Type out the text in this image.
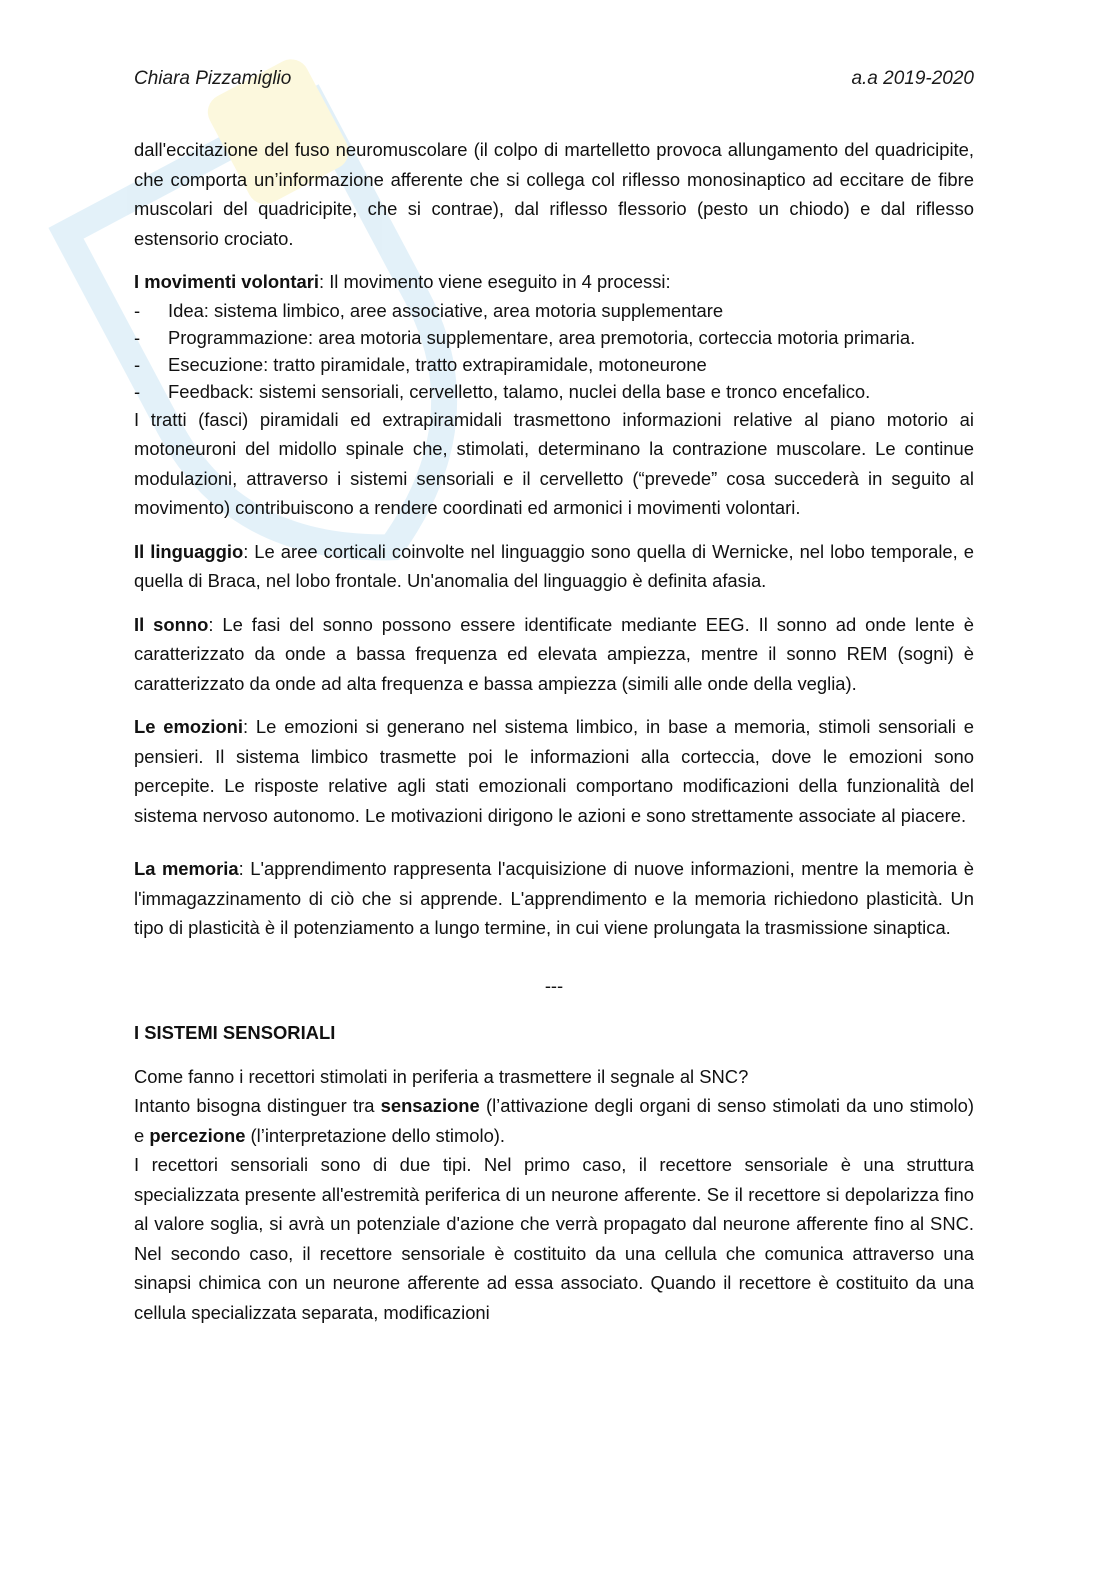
Chiara Pizzamiglio	a.a 2019-2020

dall'eccitazione del fuso neuromuscolare (il colpo di martelletto provoca allungamento del quadricipite, che comporta un’informazione afferente che si collega col riflesso monosinaptico ad eccitare de fibre muscolari del quadricipite, che si contrae), dal riflesso flessorio (pesto un chiodo) e dal riflesso estensorio crociato.

I movimenti volontari: Il movimento viene eseguito in 4 processi:

- Idea: sistema limbico, aree associative, area motoria supplementare
- Programmazione: area motoria supplementare, area premotoria, corteccia motoria primaria.
- Esecuzione: tratto piramidale, tratto extrapiramidale, motoneurone
- Feedback: sistemi sensoriali, cervelletto, talamo, nuclei della base e tronco encefalico.

I tratti (fasci) piramidali ed extrapiramidali trasmettono informazioni relative al piano motorio ai motoneuroni del midollo spinale che, stimolati, determinano la contrazione muscolare. Le continue modulazioni, attraverso i sistemi sensoriali e il cervelletto (“prevede” cosa succederà in seguito al movimento) contribuiscono a rendere coordinati ed armonici i movimenti volontari.

Il linguaggio: Le aree corticali coinvolte nel linguaggio sono quella di Wernicke, nel lobo temporale, e quella di Braca, nel lobo frontale. Un'anomalia del linguaggio è definita afasia.

Il sonno: Le fasi del sonno possono essere identificate mediante EEG. Il sonno ad onde lente è caratterizzato da onde a bassa frequenza ed elevata ampiezza, mentre il sonno REM (sogni) è caratterizzato da onde ad alta frequenza e bassa ampiezza (simili alle onde della veglia).

Le emozioni: Le emozioni si generano nel sistema limbico, in base a memoria, stimoli sensoriali e pensieri. Il sistema limbico trasmette poi le informazioni alla corteccia, dove le emozioni sono percepite. Le risposte relative agli stati emozionali comportano modificazioni della funzionalità del sistema nervoso autonomo. Le motivazioni dirigono le azioni e sono strettamente associate al piacere.

La memoria: L'apprendimento rappresenta l'acquisizione di nuove informazioni, mentre la memoria è l'immagazzinamento di ciò che si apprende. L'apprendimento e la memoria richiedono plasticità. Un tipo di plasticità è il potenziamento a lungo termine, in cui viene prolungata la trasmissione sinaptica.

---

I SISTEMI SENSORIALI

Come fanno i recettori stimolati in periferia a trasmettere il segnale al SNC?

Intanto bisogna distinguer tra sensazione (l’attivazione degli organi di senso stimolati da uno stimolo) e percezione (l’interpretazione dello stimolo).

I recettori sensoriali sono di due tipi. Nel primo caso, il recettore sensoriale è una struttura specializzata presente all'estremità periferica di un neurone afferente. Se il recettore si depolarizza fino al valore soglia, si avrà un potenziale d'azione che verrà propagato dal neurone afferente fino al SNC. Nel secondo caso, il recettore sensoriale è costituito da una cellula che comunica attraverso una sinapsi chimica con un neurone afferente ad essa associato. Quando il recettore è costituito da una cellula specializzata separata, modificazioni
